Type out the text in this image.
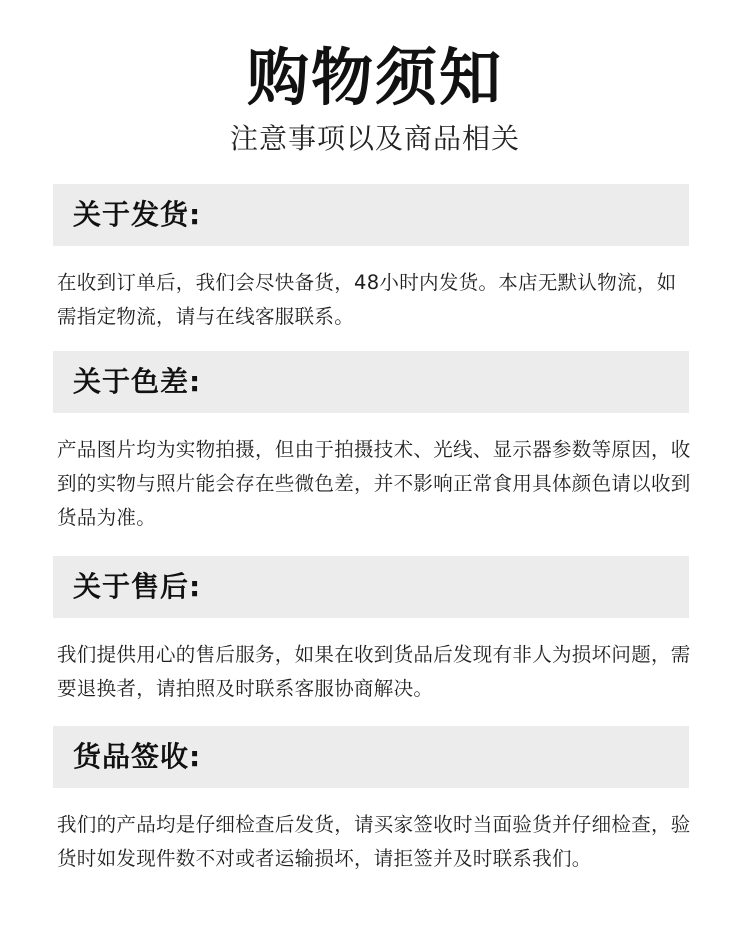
购物须知
注意事项以及商品相关
关于发货:

在收到订单后，我们会尽快备货，48小时内发货。本店无默认物流，如需指定物流，请与在线客服联系。

关于色差:

产品图片均为实物拍摄，但由于拍摄技术、光线、显示器参数等原因，收到的实物与照片能会存在些微色差，并不影响正常食用具体颜色请以收到货品为准。

关于售后:

我们提供用心的售后服务，如果在收到货品后发现有非人为损坏问题，需要退换者，请拍照及时联系客服协商解决。

货品签收:

我们的产品均是仔细检查后发货，请买家签收时当面验货并仔细检查，验货时如发现件数不对或者运输损坏，请拒签并及时联系我们。
